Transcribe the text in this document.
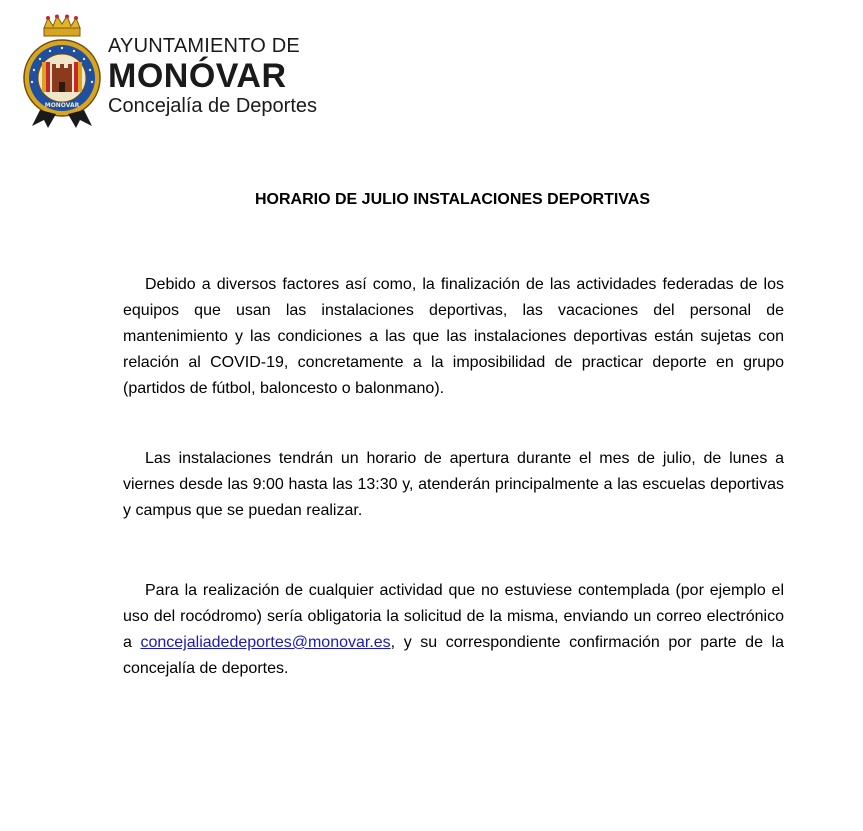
MONOVAR
AYUNTAMIENTO DE
MONÓVAR
Concejalía de Deportes
HORARIO DE JULIO INSTALACIONES DEPORTIVAS

Debido a diversos factores así como, la finalización de las actividades federadas de los equipos que usan las instalaciones deportivas, las vacaciones del personal de mantenimiento y las condiciones a las que las instalaciones deportivas están sujetas con relación al COVID-19, concretamente a la imposibilidad de practicar deporte en grupo (partidos de fútbol, baloncesto o balonmano).

Las instalaciones tendrán un horario de apertura durante el mes de julio, de lunes a viernes desde las 9:00 hasta las 13:30 y, atenderán principalmente a las escuelas deportivas y campus que se puedan realizar.

Para la realización de cualquier actividad que no estuviese contemplada (por ejemplo el uso del rocódromo) sería obligatoria la solicitud de la misma, enviando un correo electrónico a concejaliadedeportes@monovar.es, y su correspondiente confirmación por parte de la concejalía de deportes.
